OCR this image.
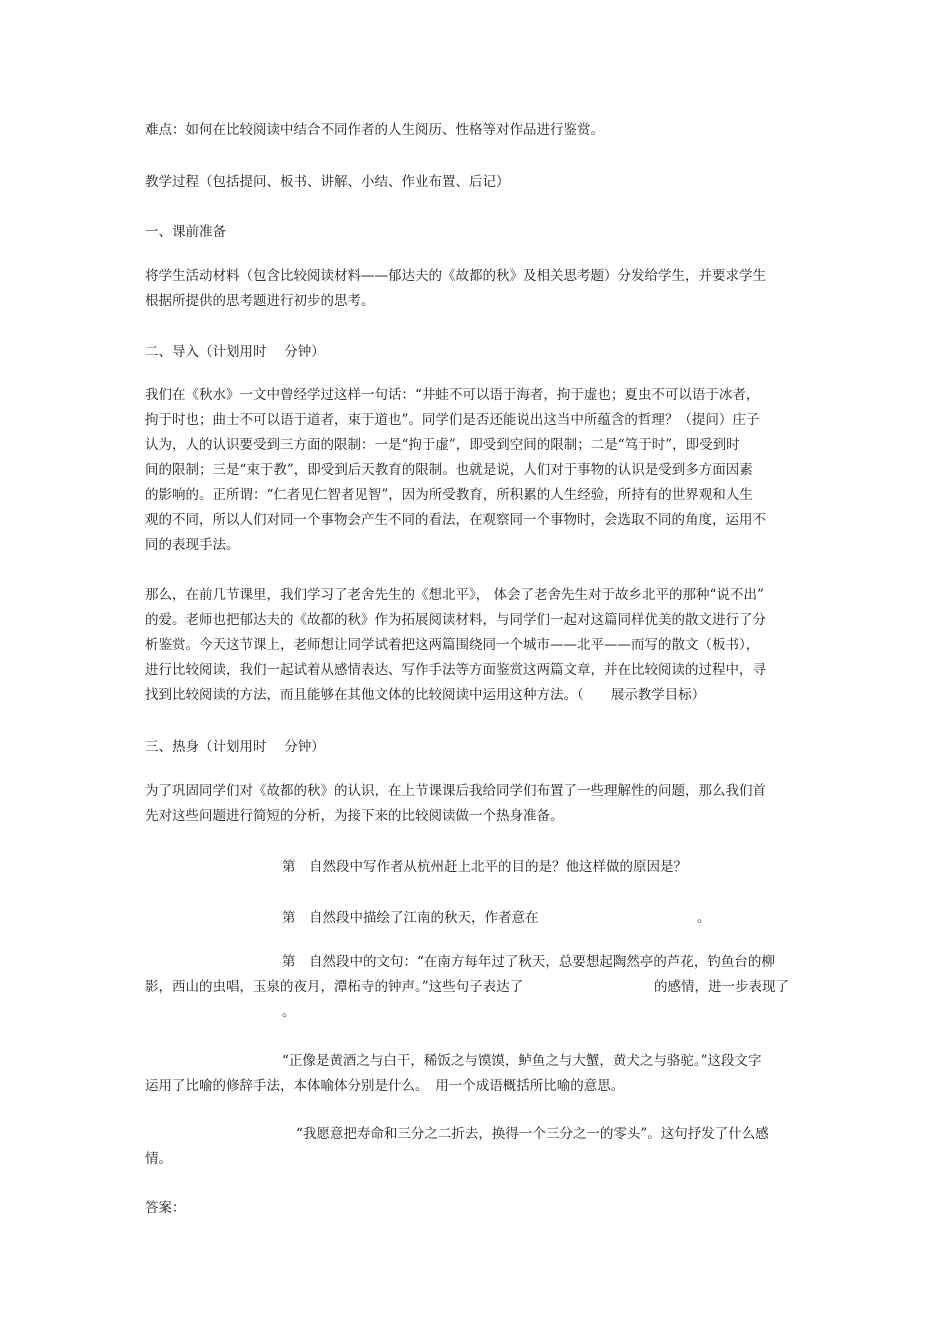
难点：如何在比较阅读中结合不同作者的人生阅历、性格等对作品进行鉴赏。

教学过程（包括提问、板书、讲解、小结、作业布置、后记）

一、课前准备

将学生活动材料（包含比较阅读材料——郁达夫的《故都的秋》及相关思考题）分发给学生，并要求学生
根据所提供的思考题进行初步的思考。

二、导入（计划用时　 分钟）

我们在《秋水》一文中曾经学过这样一句话：“井蛙不可以语于海者，拘于虚也；夏虫不可以语于冰者，
拘于时也；曲士不可以语于道者，束于道也”。同学们是否还能说出这当中所蕴含的哲理？（提问）庄子
认为，人的认识要受到三方面的限制：一是“拘于虚”，即受到空间的限制；二是“笃于时”，即受到时
间的限制；三是“束于教”，即受到后天教育的限制。也就是说，人们对于事物的认识是受到多方面因素
的影响的。正所谓：“仁者见仁智者见智”，因为所受教育，所积累的人生经验，所持有的世界观和人生
观的不同，所以人们对同一个事物会产生不同的看法，在观察同一个事物时，会选取不同的角度，运用不
同的表现手法。
那么，在前几节课里，我们学习了老舍先生的《想北平》， 体会了老舍先生对于故乡北平的那种“说不出”
的爱。老师也把郁达夫的《故都的秋》作为拓展阅读材料，与同学们一起对这篇同样优美的散文进行了分
析鉴赏。今天这节课上，老师想让同学试着把这两篇围绕同一个城市——北平——而写的散文（板书），
进行比较阅读，我们一起试着从感情表达、写作手法等方面鉴赏这两篇文章，并在比较阅读的过程中，寻
找到比较阅读的方法，而且能够在其他文体的比较阅读中运用这种方法。（　　展示教学目标）

三、热身（计划用时　 分钟）

为了巩固同学们对《故都的秋》的认识，在上节课课后我给同学们布置了一些理解性的问题，那么我们首
先对这些问题进行简短的分析，为接下来的比较阅读做一个热身准备。
第　自然段中写作者从杭州赶上北平的目的是？他这样做的原因是？
第　自然段中描绘了江南的秋天，作者意在	。
第　自然段中的文句：“在南方每年过了秋天，总要想起陶然亭的芦花，钓鱼台的柳
影，西山的虫唱，玉泉的夜月，潭柘寺的钟声。”这些句子表达了	的感情，进一步表现了
。
“正像是黄酒之与白干，稀饭之与馍馍，鲈鱼之与大蟹，黄犬之与骆驼。”这段文字
运用了比喻的修辞手法，本体喻体分别是什么。　用一个成语概括所比喻的意思。
“我愿意把寿命和三分之二折去，换得一个三分之一的零头”。这句抒发了什么感
情。
答案：
